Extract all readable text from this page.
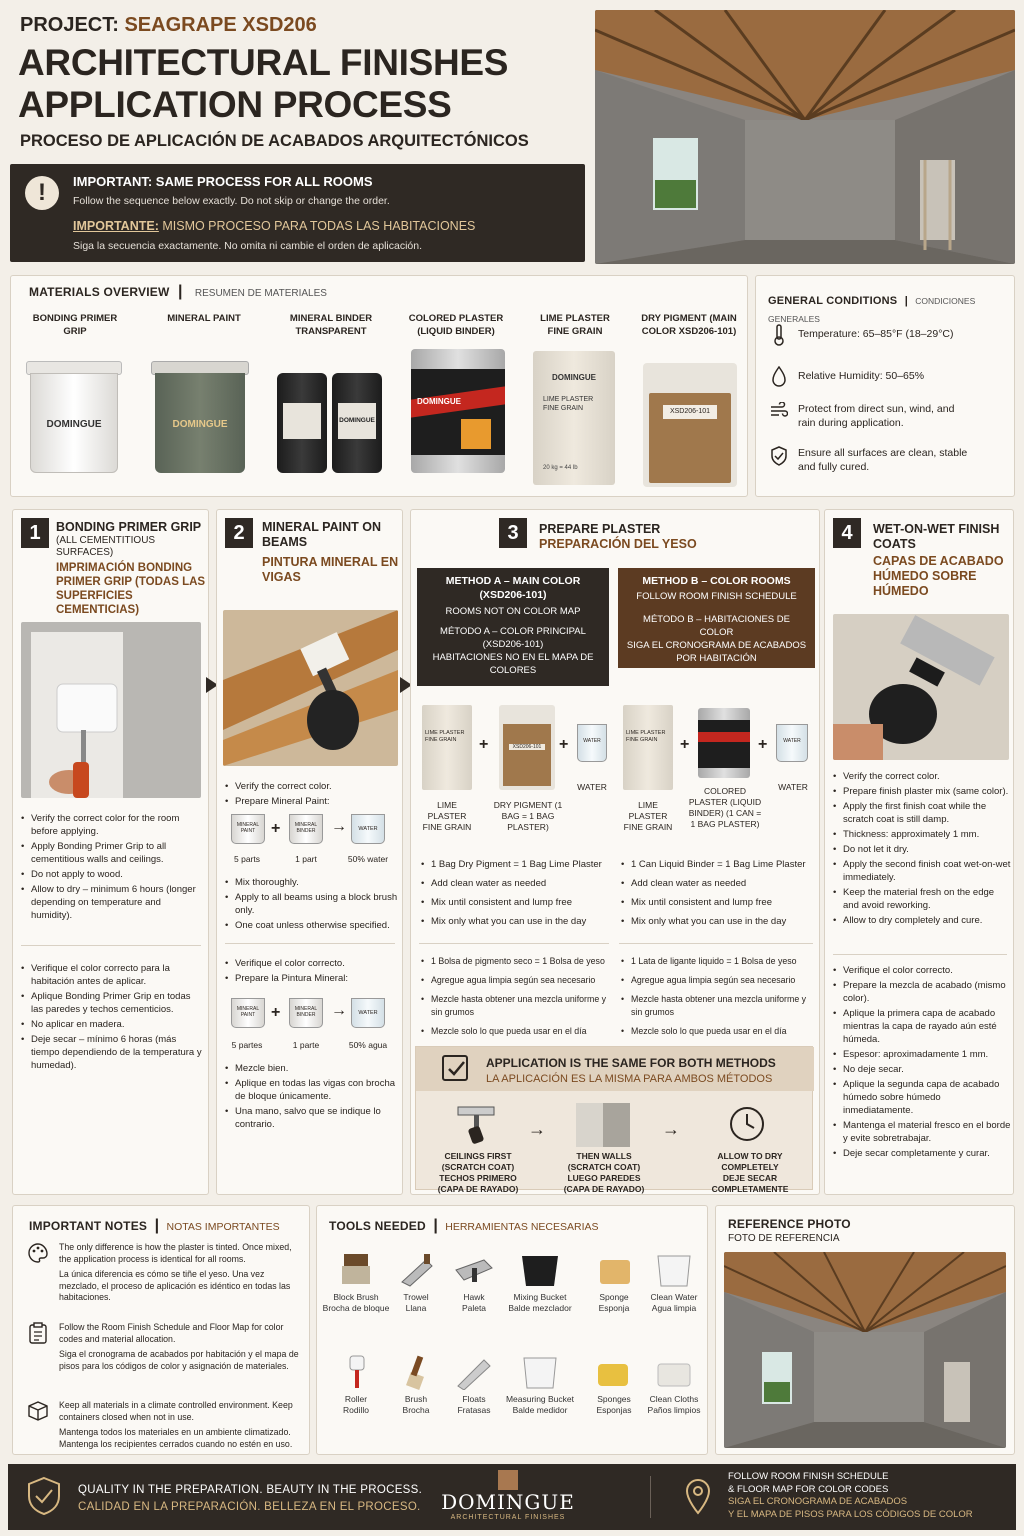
PROJECT: SEAGRAPE XSD206
ARCHITECTURAL FINISHES
APPLICATION PROCESS
PROCESO DE APLICACIÓN DE ACABADOS ARQUITECTÓNICOS
!	IMPORTANT: SAME PROCESS FOR ALL ROOMS
Follow the sequence below exactly. Do not skip or change the order.
IMPORTANTE: MISMO PROCESO PARA TODAS LAS HABITACIONES
Siga la secuencia exactamente. No omita ni cambie el orden de aplicación.
MATERIALS OVERVIEW | RESUMEN DE MATERIALES
BONDING PRIMER GRIP
MINERAL PAINT	MINERAL BINDER TRANSPARENT
COLORED PLASTER (LIQUID BINDER)
LIME PLASTER FINE GRAIN
DRY PIGMENT (MAIN COLOR XSD206-101)
DOMINGUE	DOMINGUE	DOMINGUE
DOMINGUE
DOMINGUE
LIME PLASTER FINE GRAIN
20 kg = 44 lb
XSD206-101
GENERAL CONDITIONS | CONDICIONES GENERALES
Temperature: 65–85°F (18–29°C)
Relative Humidity: 50–65%
Protect from direct sun, wind, and rain during application.
Ensure all surfaces are clean, stable and fully cured.
1	BONDING PRIMER GRIP
(ALL CEMENTITIOUS SURFACES)
IMPRIMACIÓN BONDING PRIMER GRIP (TODAS LAS SUPERFICIES CEMENTICIAS)
• Verify the correct color for the room before applying.
• Apply Bonding Primer Grip to all cementitious walls and ceilings.
• Do not apply to wood.
• Allow to dry – minimum 6 hours (longer depending on temperature and humidity).
• Verifique el color correcto para la habitación antes de aplicar.
• Aplique Bonding Primer Grip en todas las paredes y techos cementicios.
• No aplicar en madera.
• Deje secar – mínimo 6 horas (más tiempo dependiendo de la temperatura y humedad).
2	MINERAL PAINT ON BEAMS
PINTURA MINERAL EN VIGAS
• Verify the correct color.
• Prepare Mineral Paint:
MINERAL PAINT +	MINERAL BINDER →	WATER
5 parts	1 part	50% water
• Mix thoroughly.
• Apply to all beams using a block brush only.
• One coat unless otherwise specified.
• Verifique el color correcto.
• Prepare la Pintura Mineral:
MINERAL PAINT +	MINERAL BINDER →	WATER
5 partes	1 parte	50% agua
• Mezcle bien.
• Aplique en todas las vigas con brocha de bloque únicamente.
• Una mano, salvo que se indique lo contrario.
3	PREPARE PLASTER
PREPARACIÓN DEL YESO
METHOD A – MAIN COLOR (XSD206-101)
ROOMS NOT ON COLOR MAP
MÉTODO A – COLOR PRINCIPAL (XSD206-101)
HABITACIONES NO EN EL MAPA DE COLORES
METHOD B – COLOR ROOMS
FOLLOW ROOM FINISH SCHEDULE
MÉTODO B – HABITACIONES DE COLOR
SIGA EL CRONOGRAMA DE ACABADOS POR HABITACIÓN
LIME PLASTER FINE GRAIN	+	XSD206-101 +	WATER
LIME PLASTER FINE GRAIN
DRY PIGMENT (1 BAG = 1 BAG PLASTER)
WATER
LIME PLASTER FINE GRAIN	+	+	WATER
LIME PLASTER FINE GRAIN
COLORED PLASTER (LIQUID BINDER) (1 CAN = 1 BAG PLASTER)
WATER
• 1 Bag Dry Pigment = 1 Bag Lime Plaster
• Add clean water as needed
• Mix until consistent and lump free
• Mix only what you can use in the day
• 1 Can Liquid Binder = 1 Bag Lime Plaster
• Add clean water as needed
• Mix until consistent and lump free
• Mix only what you can use in the day
• 1 Bolsa de pigmento seco = 1 Bolsa de yeso
• Agregue agua limpia según sea necesario
• Mezcle hasta obtener una mezcla uniforme y sin grumos
• Mezcle solo lo que pueda usar en el día
• 1 Lata de ligante liquido = 1 Bolsa de yeso
• Agregue agua limpia según sea necesario
• Mezcle hasta obtener una mezcla uniforme y sin grumos
• Mezcle solo lo que pueda usar en el día
APPLICATION IS THE SAME FOR BOTH METHODS
LA APLICACIÓN ES LA MISMA PARA AMBOS MÉTODOS
→	→
CEILINGS FIRST (SCRATCH COAT)
TECHOS PRIMERO (CAPA DE RAYADO)
THEN WALLS (SCRATCH COAT)
LUEGO PAREDES (CAPA DE RAYADO)
ALLOW TO DRY COMPLETELY
DEJE SECAR COMPLETAMENTE
4	WET-ON-WET FINISH COATS
CAPAS DE ACABADO HÚMEDO SOBRE HÚMEDO
• Verify the correct color.
• Prepare finish plaster mix (same color).
• Apply the first finish coat while the scratch coat is still damp.
• Thickness: approximately 1 mm.
• Do not let it dry.
• Apply the second finish coat wet-on-wet immediately.
• Keep the material fresh on the edge and avoid reworking.
• Allow to dry completely and cure.
• Verifique el color correcto.
• Prepare la mezcla de acabado (mismo color).
• Aplique la primera capa de acabado mientras la capa de rayado aún esté húmeda.
• Espesor: aproximadamente 1 mm.
• No deje secar.
• Aplique la segunda capa de acabado húmedo sobre húmedo inmediatamente.
• Mantenga el material fresco en el borde y evite sobretrabajar.
• Deje secar completamente y curar.
IMPORTANT NOTES | NOTAS IMPORTANTES

The only difference is how the plaster is tinted. Once mixed, the application process is identical for all rooms.

La única diferencia es cómo se tiñe el yeso. Una vez mezclado, el proceso de aplicación es idéntico en todas las habitaciones.

Follow the Room Finish Schedule and Floor Map for color codes and material allocation.

Siga el cronograma de acabados por habitación y el mapa de pisos para los códigos de color y asignación de materiales.

Keep all materials in a climate controlled environment. Keep containers closed when not in use.

Mantenga todos los materiales en un ambiente climatizado. Mantenga los recipientes cerrados cuando no estén en uso.

TOOLS NEEDED | HERRAMIENTAS NECESARIAS
Block Brush
Brocha de bloque
Trowel
Llana
Hawk
Paleta
Mixing Bucket
Balde mezclador
Sponge
Esponja
Clean Water
Agua limpia
Roller
Rodillo
Brush
Brocha
Floats
Fratasas
Measuring Bucket
Balde medidor
Sponges
Esponjas
Clean Cloths
Paños limpios
REFERENCE PHOTO
FOTO DE REFERENCIA
QUALITY IN THE PREPARATION. BEAUTY IN THE PROCESS.
CALIDAD EN LA PREPARACIÓN. BELLEZA EN EL PROCESO.	DOMINGUE
ARCHITECTURAL FINISHES
FOLLOW ROOM FINISH SCHEDULE
& FLOOR MAP FOR COLOR CODES
SIGA EL CRONOGRAMA DE ACABADOS
Y EL MAPA DE PISOS PARA LOS CÓDIGOS DE COLOR
